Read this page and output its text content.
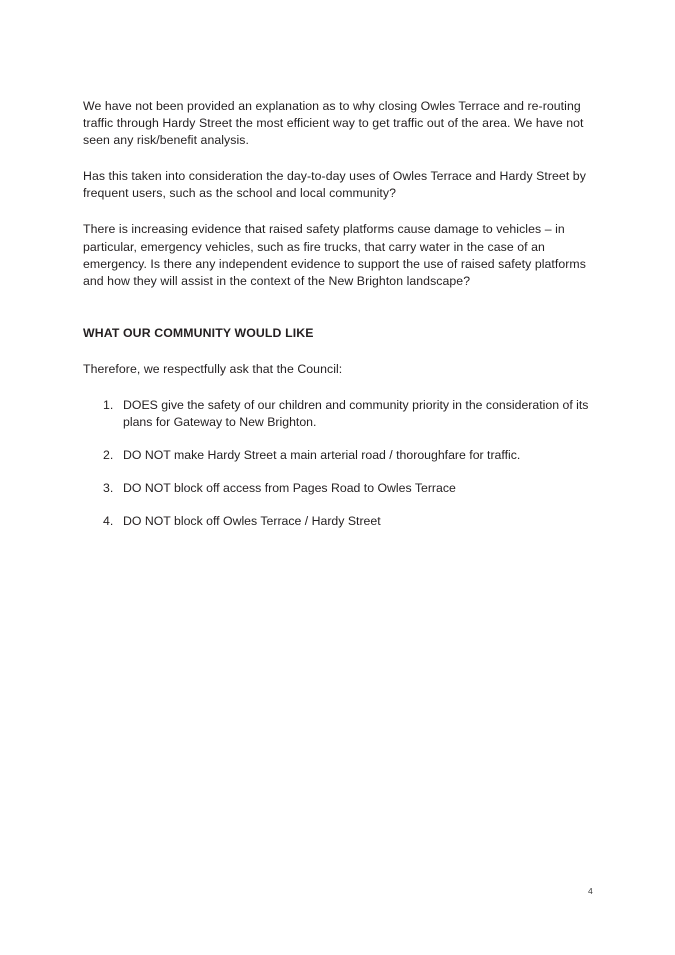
We have not been provided an explanation as to why closing Owles Terrace and re-routing traffic through Hardy Street the most efficient way to get traffic out of the area. We have not seen any risk/benefit analysis.

Has this taken into consideration the day-to-day uses of Owles Terrace and Hardy Street by frequent users, such as the school and local community?

There is increasing evidence that raised safety platforms cause damage to vehicles – in particular, emergency vehicles, such as fire trucks, that carry water in the case of an emergency. Is there any independent evidence to support the use of raised safety platforms and how they will assist in the context of the New Brighton landscape?

WHAT OUR COMMUNITY WOULD LIKE

Therefore, we respectfully ask that the Council:

1. DOES give the safety of our children and community priority in the consideration of its plans for Gateway to New Brighton.
2. DO NOT make Hardy Street a main arterial road / thoroughfare for traffic.
3. DO NOT block off access from Pages Road to Owles Terrace
4. DO NOT block off Owles Terrace / Hardy Street
4
